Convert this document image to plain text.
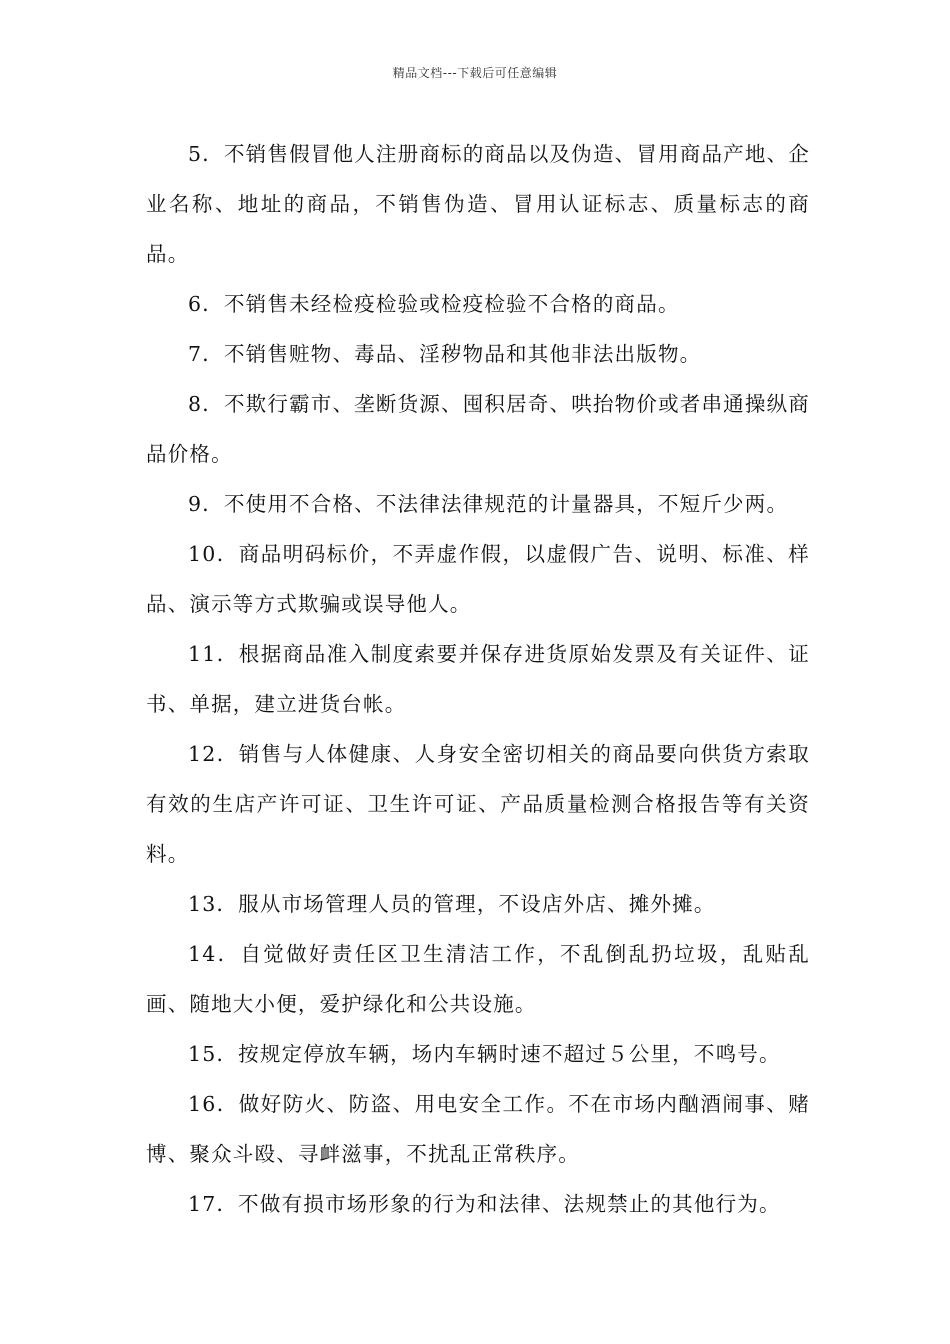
精品文档---下载后可任意编辑

5．不销售假冒他人注册商标的商品以及伪造、冒用商品产地、企业名称、地址的商品，不销售伪造、冒用认证标志、质量标志的商品。

6．不销售未经检疫检验或检疫检验不合格的商品。

7．不销售赃物、毒品、淫秽物品和其他非法出版物。

8．不欺行霸市、垄断货源、囤积居奇、哄抬物价或者串通操纵商品价格。

9．不使用不合格、不法律法律规范的计量器具，不短斤少两。

10．商品明码标价，不弄虚作假，以虚假广告、说明、标准、样品、演示等方式欺骗或误导他人。

11．根据商品准入制度索要并保存进货原始发票及有关证件、证书、单据，建立进货台帐。

12．销售与人体健康、人身安全密切相关的商品要向供货方索取有效的生店产许可证、卫生许可证、产品质量检测合格报告等有关资料。

13．服从市场管理人员的管理，不设店外店、摊外摊。

14．自觉做好责任区卫生清洁工作，不乱倒乱扔垃圾，乱贴乱画、随地大小便，爱护绿化和公共设施。

15．按规定停放车辆，场内车辆时速不超过５公里，不鸣号。

16．做好防火、防盗、用电安全工作。不在市场内酗酒闹事、赌博、聚众斗殴、寻衅滋事，不扰乱正常秩序。

17．不做有损市场形象的行为和法律、法规禁止的其他行为。
